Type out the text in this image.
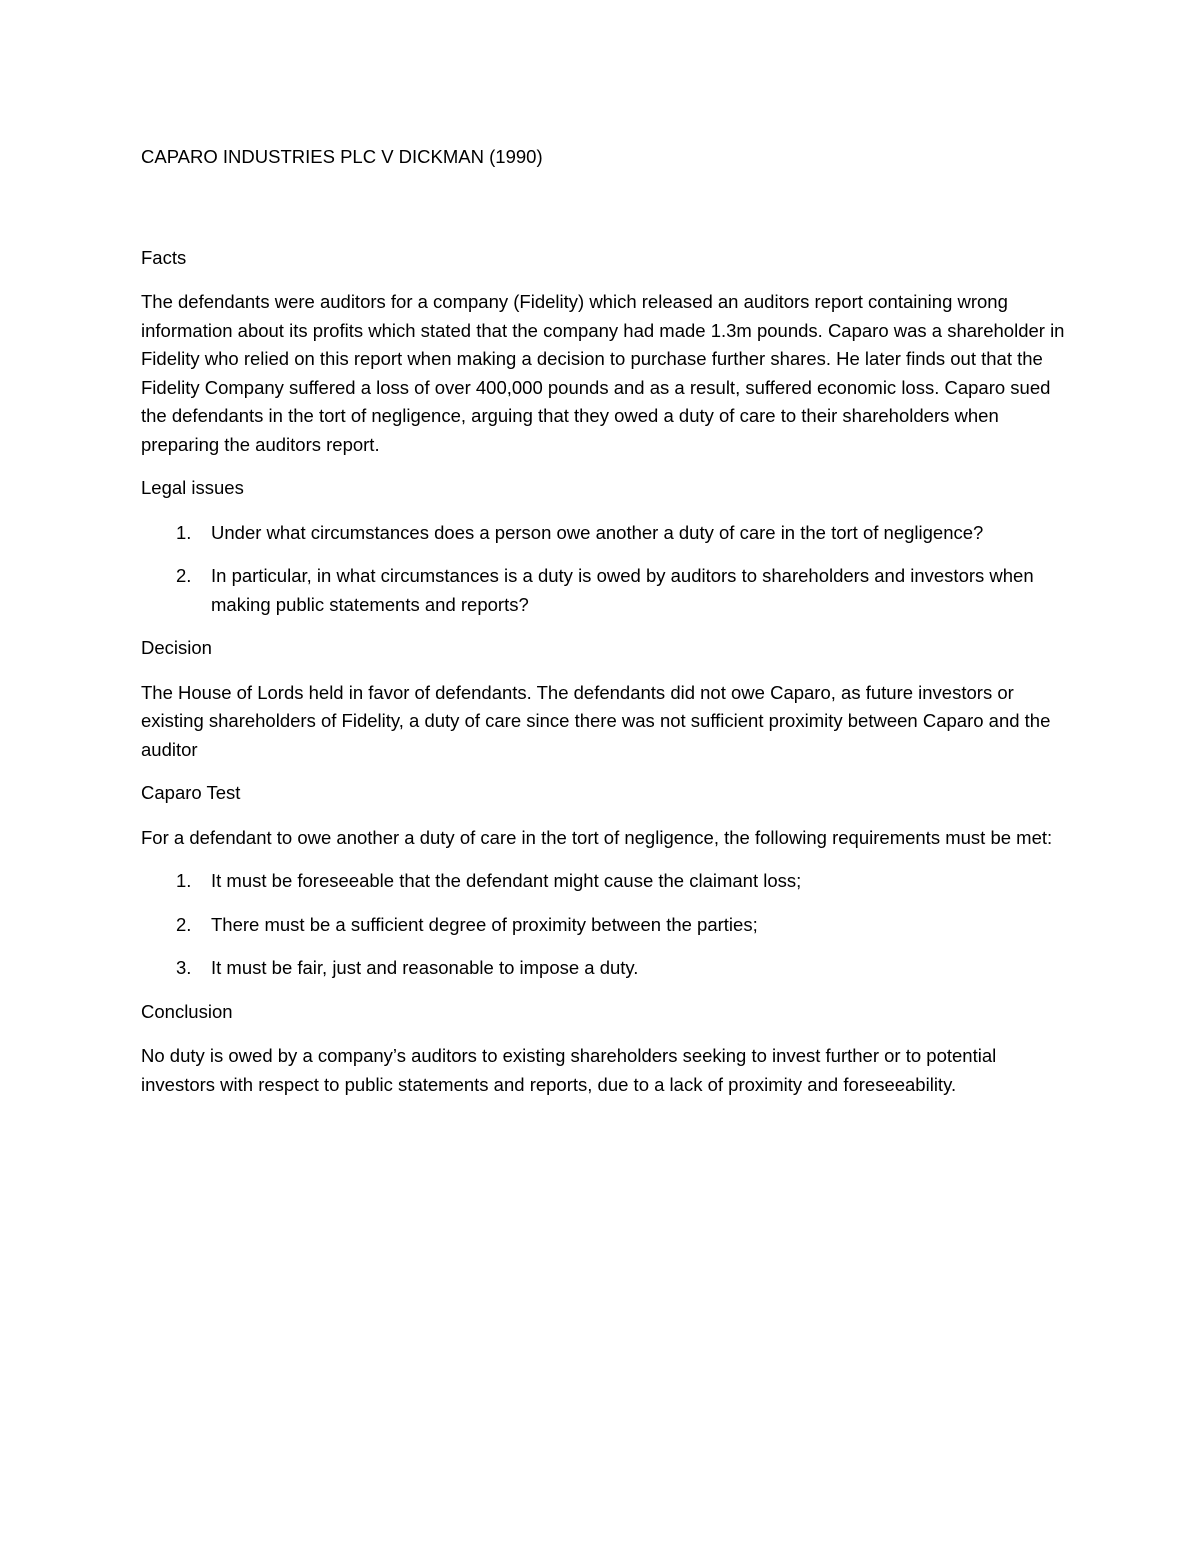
CAPARO INDUSTRIES PLC V DICKMAN (1990)
Facts

The defendants were auditors for a company (Fidelity) which released an auditors report containing wrong information about its profits which stated that the company had made 1.3m pounds. Caparo was a shareholder in Fidelity who relied on this report when making a decision to purchase further shares. He later finds out that the Fidelity Company suffered a loss of over 400,000 pounds and as a result, suffered economic loss. Caparo sued the defendants in the tort of negligence, arguing that they owed a duty of care to their shareholders when preparing the auditors report.

Legal issues
1. Under what circumstances does a person owe another a duty of care in the tort of negligence?
2. In particular, in what circumstances is a duty is owed by auditors to shareholders and investors when making public statements and reports?
Decision

The House of Lords held in favor of defendants. The defendants did not owe Caparo, as future investors or existing shareholders of Fidelity, a duty of care since there was not sufficient proximity between Caparo and the auditor

Caparo Test

For a defendant to owe another a duty of care in the tort of negligence, the following requirements must be met:

1. It must be foreseeable that the defendant might cause the claimant loss;
2. There must be a sufficient degree of proximity between the parties;
3. It must be fair, just and reasonable to impose a duty.
Conclusion

No duty is owed by a company’s auditors to existing shareholders seeking to invest further or to potential investors with respect to public statements and reports, due to a lack of proximity and foreseeability.
